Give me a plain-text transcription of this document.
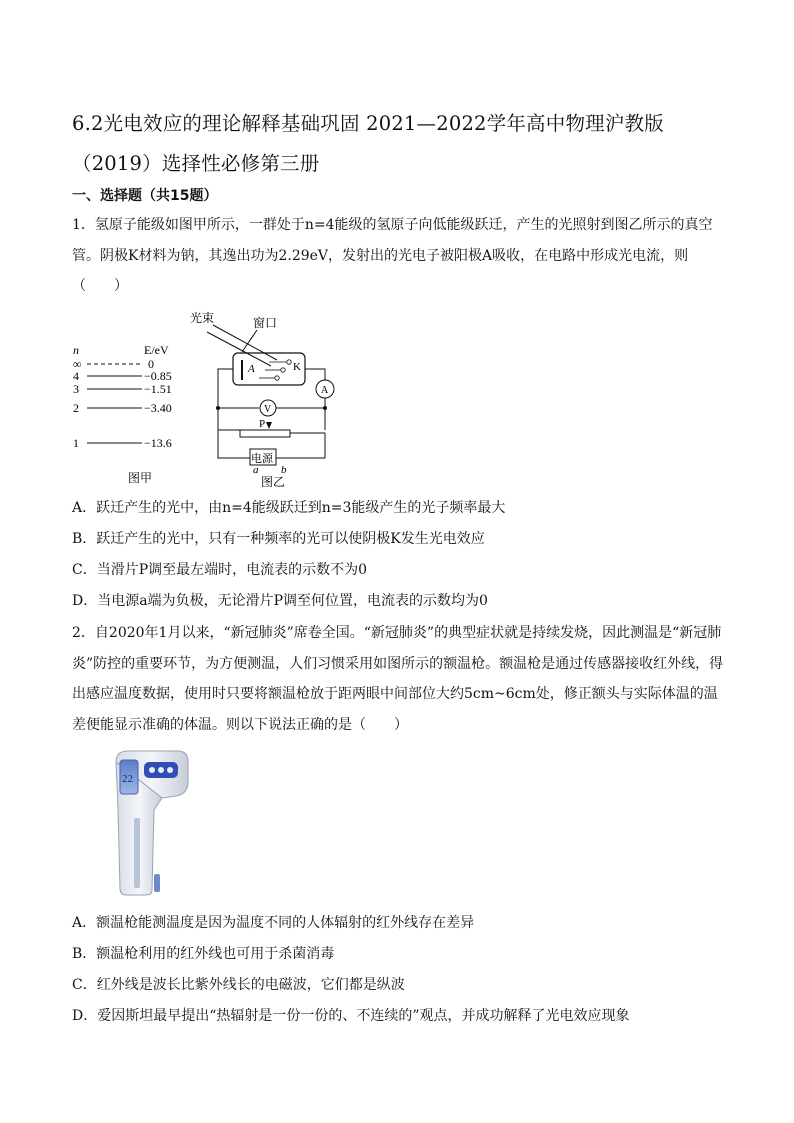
6.2光电效应的理论解释基础巩固 2021—2022学年高中物理沪教版（2019）选择性必修第三册
一、选择题（共15题）
1．氢原子能级如图甲所示，一群处于n=4能级的氢原子向低能级跃迁，产生的光照射到图乙所示的真空管。阴极K材料为钠，其逸出功为2.29eV，发射出的光电子被阳极A吸收，在电路中形成光电流，则（　　）
n	E/eV
∞	0
4	−0.85
3	−1.51
2	−3.40
1	−13.6
图甲
光束	窗口
A	K
A
V
P
电源
a b
图乙
A．跃迁产生的光中，由n=4能级跃迁到n=3能级产生的光子频率最大
B．跃迁产生的光中，只有一种频率的光可以使阴极K发生光电效应
C．当滑片P调至最左端时，电流表的示数不为0
D．当电源a端为负极，无论滑片P调至何位置，电流表的示数均为0
2．自2020年1月以来，“新冠肺炎”席卷全国。“新冠肺炎”的典型症状就是持续发烧，因此测温是“新冠肺炎”防控的重要环节，为方便测温，人们习惯采用如图所示的额温枪。额温枪是通过传感器接收红外线，得出感应温度数据，使用时只要将额温枪放于距两眼中间部位大约5cm~6cm处，修正额头与实际体温的温差便能显示准确的体温。则以下说法正确的是（　　）
22
A．额温枪能测温度是因为温度不同的人体辐射的红外线存在差异
B．额温枪利用的红外线也可用于杀菌消毒
C．红外线是波长比紫外线长的电磁波，它们都是纵波
D．爱因斯坦最早提出“热辐射是一份一份的、不连续的”观点，并成功解释了光电效应现象
